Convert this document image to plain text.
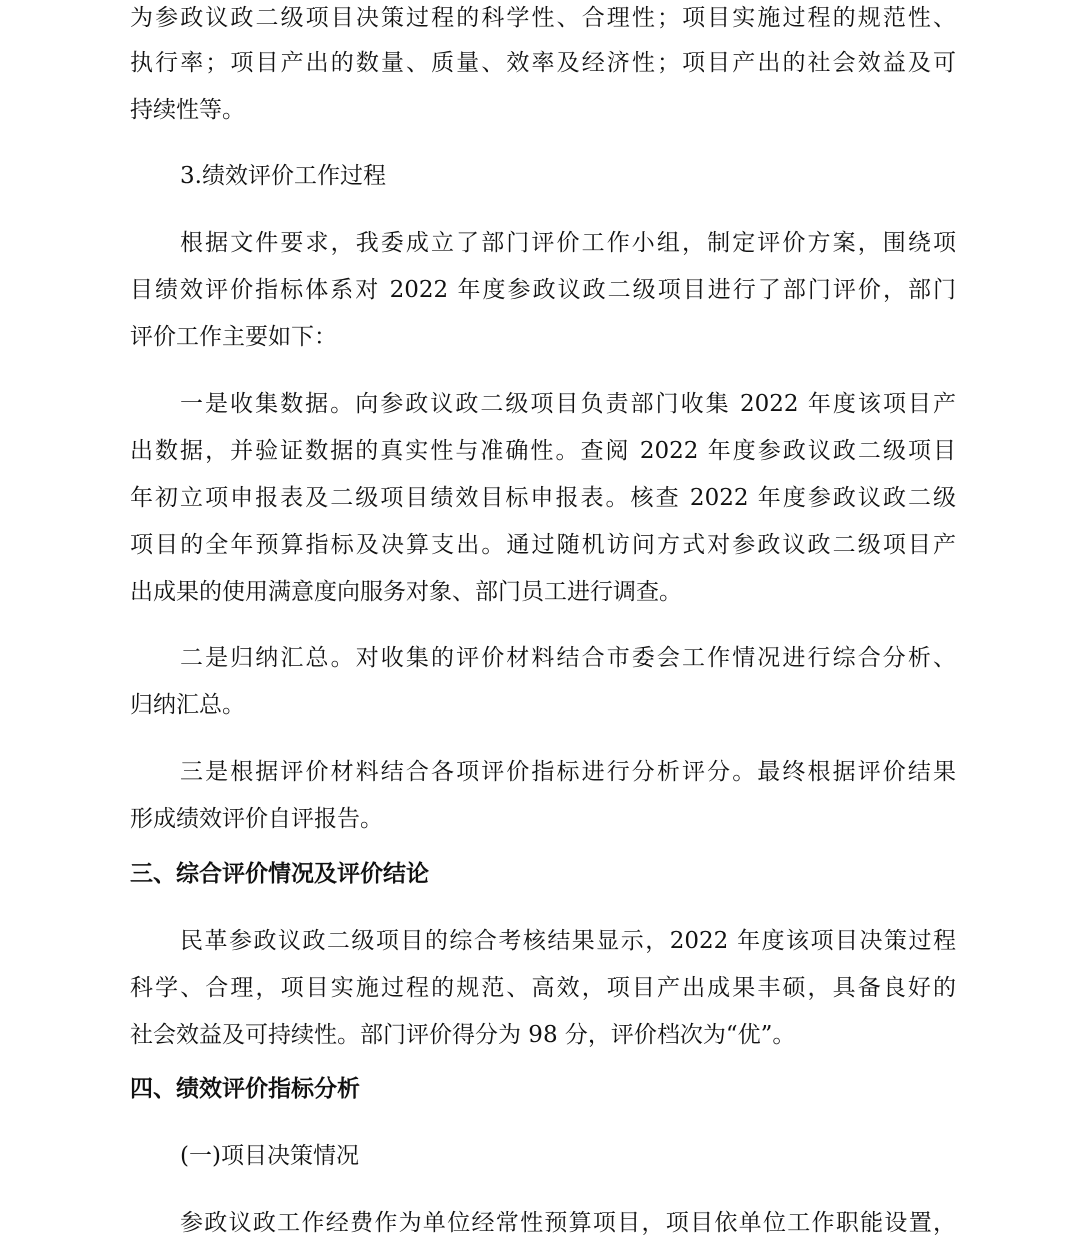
为参政议政二级项目决策过程的科学性、合理性；项目实施过程的规范性、
执行率；项目产出的数量、质量、效率及经济性；项目产出的社会效益及可
持续性等。
3.绩效评价工作过程
根据文件要求，我委成立了部门评价工作小组，制定评价方案，围绕项
目绩效评价指标体系对 2022 年度参政议政二级项目进行了部门评价，部门
评价工作主要如下：
一是收集数据。向参政议政二级项目负责部门收集 2022 年度该项目产
出数据，并验证数据的真实性与准确性。查阅 2022 年度参政议政二级项目
年初立项申报表及二级项目绩效目标申报表。核查 2022 年度参政议政二级
项目的全年预算指标及决算支出。通过随机访问方式对参政议政二级项目产
出成果的使用满意度向服务对象、部门员工进行调查。
二是归纳汇总。对收集的评价材料结合市委会工作情况进行综合分析、
归纳汇总。
三是根据评价材料结合各项评价指标进行分析评分。最终根据评价结果
形成绩效评价自评报告。
三、综合评价情况及评价结论
民革参政议政二级项目的综合考核结果显示，2022 年度该项目决策过程
科学、合理，项目实施过程的规范、高效，项目产出成果丰硕，具备良好的
社会效益及可持续性。部门评价得分为 98 分，评价档次为“优”。
四、绩效评价指标分析
(一)项目决策情况
参政议政工作经费作为单位经常性预算项目，项目依单位工作职能设置，
